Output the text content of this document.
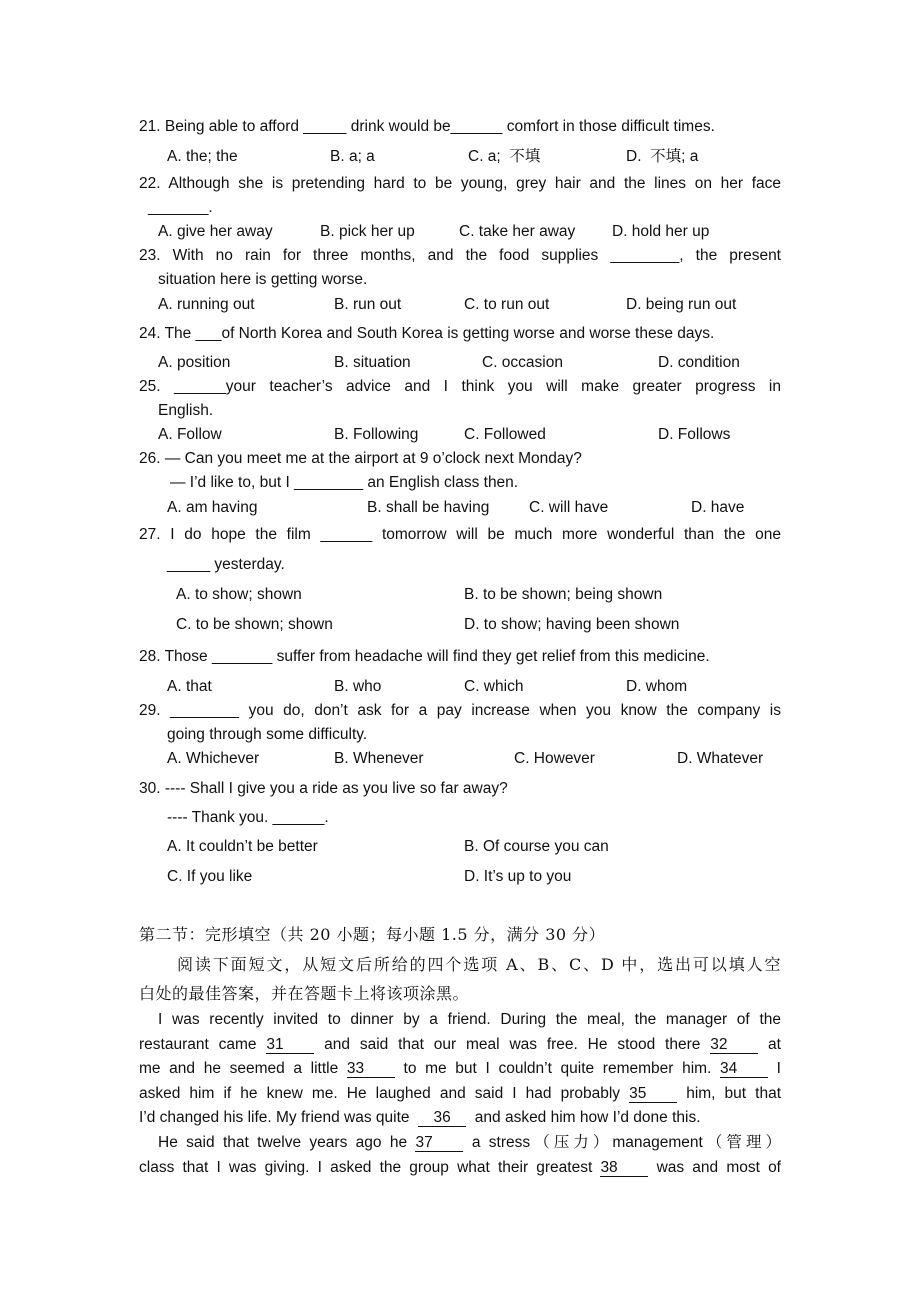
21. Being able to afford _____ drink would be______ comfort in those difficult times.
A. the; the	B. a; a	C. a;  不填	D.  不填; a
22. Although she is pretending hard to be young, grey hair and the lines on her face
_______.
A. give her away	B. pick her up	C. take her away D. hold her up
23. With no rain for three months, and the food supplies ________, the present
situation here is getting worse.
A. running out	B. run out	C. to run out	D. being run out
24. The ___of North Korea and South Korea is getting worse and worse these days.
A. position	B. situation	C. occasion	D. condition
25. ______your teacher’s advice and I think you will make greater progress in
English.
A. Follow	B. Following	C. Followed	D. Follows
26. — Can you meet me at the airport at 9 o’clock next Monday?
— I’d like to, but I ________ an English class then.
A. am having	B. shall be having	C. will have	D. have
27. I do hope the film ______ tomorrow will be much more wonderful than the one
_____ yesterday.
A. to show; shown	B. to be shown; being shown
C. to be shown; shown	D. to show; having been shown
28. Those _______ suffer from headache will find they get relief from this medicine.
A. that	B. who	C. which	D. whom
29. ________ you do, don’t ask for a pay increase when you know the company is
going through some difficulty.
A. Whichever	B. Whenever	C. However	D. Whatever
30. ---- Shall I give you a ride as you live so far away?
---- Thank you. ______.
A. It couldn’t be better	B. Of course you can
C. If you like	D. It’s up to you
第二节：完形填空（共 20 小题；每小题 1.5 分，满分 30 分）
阅读下面短文，从短文后所给的四个选项 A、B、C、D 中，选出可以填人空
白处的最佳答案，并在答题卡上将该项涂黑。
I was recently invited to dinner by a friend. During the meal, the manager of the
restaurant came 31	and said that our meal was free. He stood there 32	at
me and he seemed a little 33	to me but I couldn’t quite remember him. 34	I
asked him if he knew me. He laughed and said I had probably 35	him, but that
I’d changed his life. My friend was quite  36  and asked him how I’d done this.
He said that twelve years ago he 37	a stress（压力）management（管理）
class that I was giving. I asked the group what their greatest 38	was and most of
